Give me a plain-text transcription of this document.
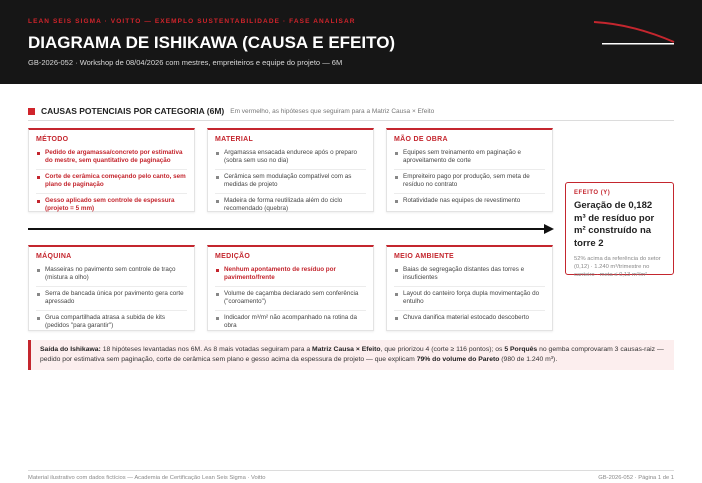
LEAN SEIS SIGMA · VOITTO — EXEMPLO SUSTENTABILIDADE · FASE ANALISAR
DIAGRAMA DE ISHIKAWA (CAUSA E EFEITO)
GB-2026-052 · Workshop de 08/04/2026 com mestres, empreiteiros e equipe do projeto — 6M
CAUSAS POTENCIAIS POR CATEGORIA (6M) Em vermelho, as hipóteses que seguiram para a Matriz Causa × Efeito
MÉTODO
Pedido de argamassa/concreto por estimativa do mestre, sem quantitativo de paginação
Corte de cerâmica começando pelo canto, sem plano de paginação
Gesso aplicado sem controle de espessura (projeto = 5 mm)
MATERIAL
Argamassa ensacada endurece após o preparo (sobra sem uso no dia)
Cerâmica sem modulação compatível com as medidas de projeto
Madeira de forma reutilizada além do ciclo recomendado (quebra)
MÃO DE OBRA
Equipes sem treinamento em paginação e aproveitamento de corte
Empreiteiro pago por produção, sem meta de resíduo no contrato
Rotatividade nas equipes de revestimento
EFEITO (Y)
Geração de 0,182 m³ de resíduo por m² construído na torre 2
52% acima da referência do setor (0,12) · 1.240 m³/trimestre no canteiro · meta ≤ 0,13 m³/m²
MÁQUINA
Masseiras no pavimento sem controle de traço (mistura a olho)
Serra de bancada única por pavimento gera corte apressado
Grua compartilhada atrasa a subida de kits (pedidos "para garantir")
MEDIÇÃO
Nenhum apontamento de resíduo por pavimento/frente
Volume de caçamba declarado sem conferência ("coroamento")
Indicador m³/m² não acompanhado na rotina da obra
MEIO AMBIENTE
Baias de segregação distantes das torres e insuficientes
Layout do canteiro força dupla movimentação do entulho
Chuva danifica material estocado descoberto
Saída do Ishikawa: 18 hipóteses levantadas nos 6M. As 8 mais votadas seguiram para a Matriz Causa × Efeito, que priorizou 4 (corte ≥ 116 pontos); os 5 Porquês no gemba comprovaram 3 causas-raiz — pedido por estimativa sem paginação, corte de cerâmica sem plano e gesso acima da espessura de projeto — que explicam 79% do volume do Pareto (980 de 1.240 m³).
Material ilustrativo com dados fictícios — Academia de Certificação Lean Seis Sigma · Voitto	GB-2026-052 · Página 1 de 1
